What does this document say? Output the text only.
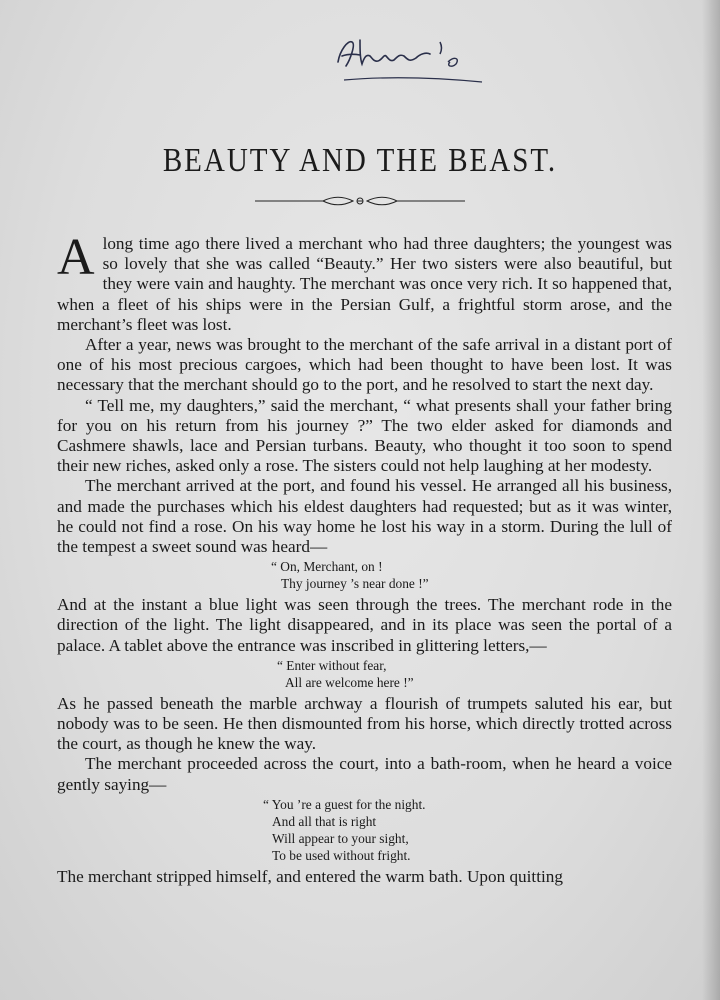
BEAUTY AND THE BEAST.

A long time ago there lived a merchant who had three daughters; the youngest was so lovely that she was called “Beauty.” Her two sisters were also beautiful, but they were vain and haughty. The merchant was once very rich. It so happened that, when a fleet of his ships were in the Persian Gulf, a frightful storm arose, and the merchant’s fleet was lost.

After a year, news was brought to the merchant of the safe arrival in a distant port of one of his most precious cargoes, which had been thought to have been lost. It was necessary that the merchant should go to the port, and he resolved to start the next day.

“ Tell me, my daughters,” said the merchant, “ what presents shall your father bring for you on his return from his journey ?” The two elder asked for diamonds and Cashmere shawls, lace and Persian turbans. Beauty, who thought it too soon to spend their new riches, asked only a rose. The sisters could not help laughing at her modesty.

The merchant arrived at the port, and found his vessel. He arranged all his business, and made the purchases which his eldest daughters had requested; but as it was winter, he could not find a rose. On his way home he lost his way in a storm. During the lull of the tempest a sweet sound was heard—

“ On, Merchant, on !
Thy journey ’s near done !”

And at the instant a blue light was seen through the trees. The merchant rode in the direction of the light. The light disappeared, and in its place was seen the portal of a palace. A tablet above the entrance was inscribed in glittering letters,—

“ Enter without fear,
All are welcome here !”

As he passed beneath the marble archway a flourish of trumpets saluted his ear, but nobody was to be seen. He then dismounted from his horse, which directly trotted across the court, as though he knew the way.

The merchant proceeded across the court, into a bath-room, when he heard a voice gently saying—

“ You ’re a guest for the night.
And all that is right
Will appear to your sight,
To be used without fright.

The merchant stripped himself, and entered the warm bath. Upon quitting
